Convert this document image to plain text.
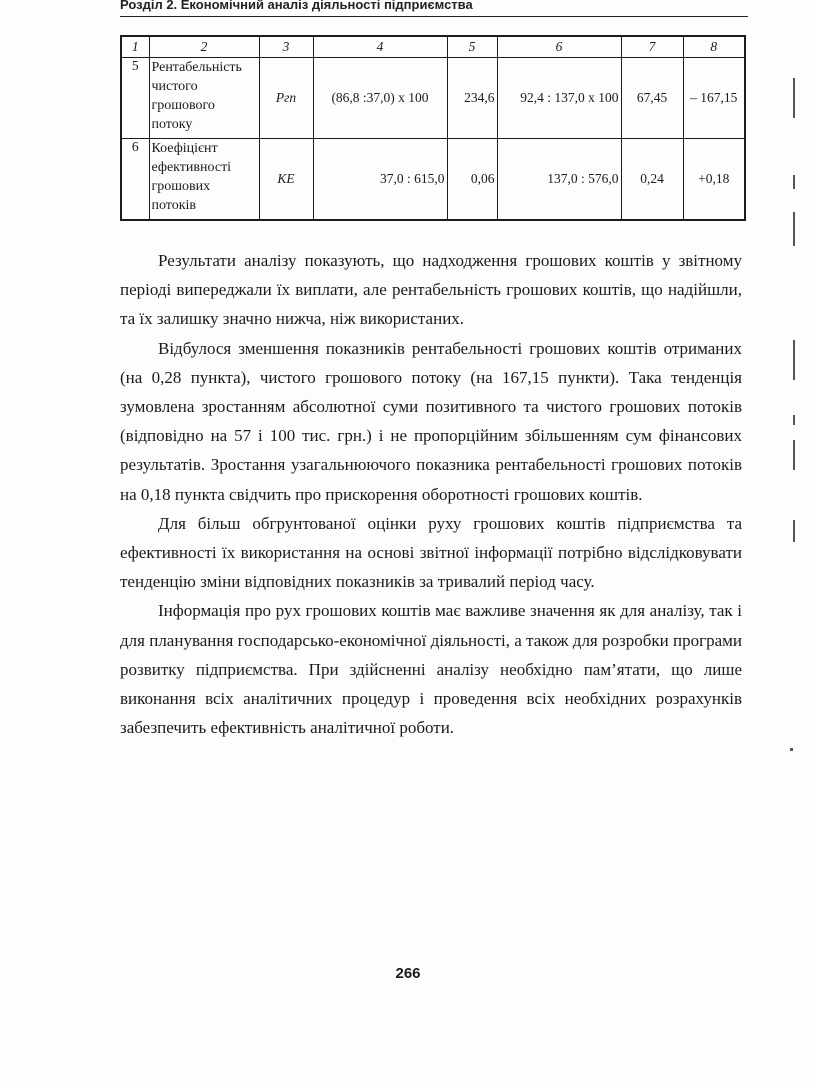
Розділ 2. Економічний аналіз діяльності підприємства
1	2	3	4	5	6	7	8
5	Рентабельність
чистого
грошового
потоку	Pгп	(86,8 :37,0) x 100	234,6	92,4 : 137,0 x 100	67,45	– 167,15
6	Коефіцієнт
ефективності
грошових
потоків	KE	37,0 : 615,0	0,06	137,0 : 576,0	0,24	+0,18

Результати аналізу показують, що надходження грошових коштів у звітному періоді випереджали їх виплати, але рентабельність грошових коштів, що надійшли, та їх залишку значно нижча, ніж використаних.

Відбулося зменшення показників рентабельності грошових коштів отриманих (на 0,28 пункта), чистого грошового потоку (на 167,15 пункти). Така тенденція зумовлена зростанням абсолютної суми позитивного та чистого грошових потоків (відповідно на 57 і 100 тис. грн.) і не пропорційним збільшенням сум фінансових результатів. Зростання узагальнюючого показника рентабельності грошових потоків на 0,18 пункта свідчить про прискорення оборотності грошових коштів.

Для більш обгрунтованої оцінки руху грошових коштів підприємства та ефективності їх використання на основі звітної інформації потрібно відслідковувати тенденцію зміни відповідних показників за тривалий період часу.

Інформація про рух грошових коштів має важливе значення як для аналізу, так і для планування господарсько-економічної діяльності, а також для розробки програми розвитку підприємства. При здійсненні аналізу необхідно пам’ятати, що лише виконання всіх аналітичних процедур і проведення всіх необхідних розрахунків забезпечить ефективність аналітичної роботи.

266
